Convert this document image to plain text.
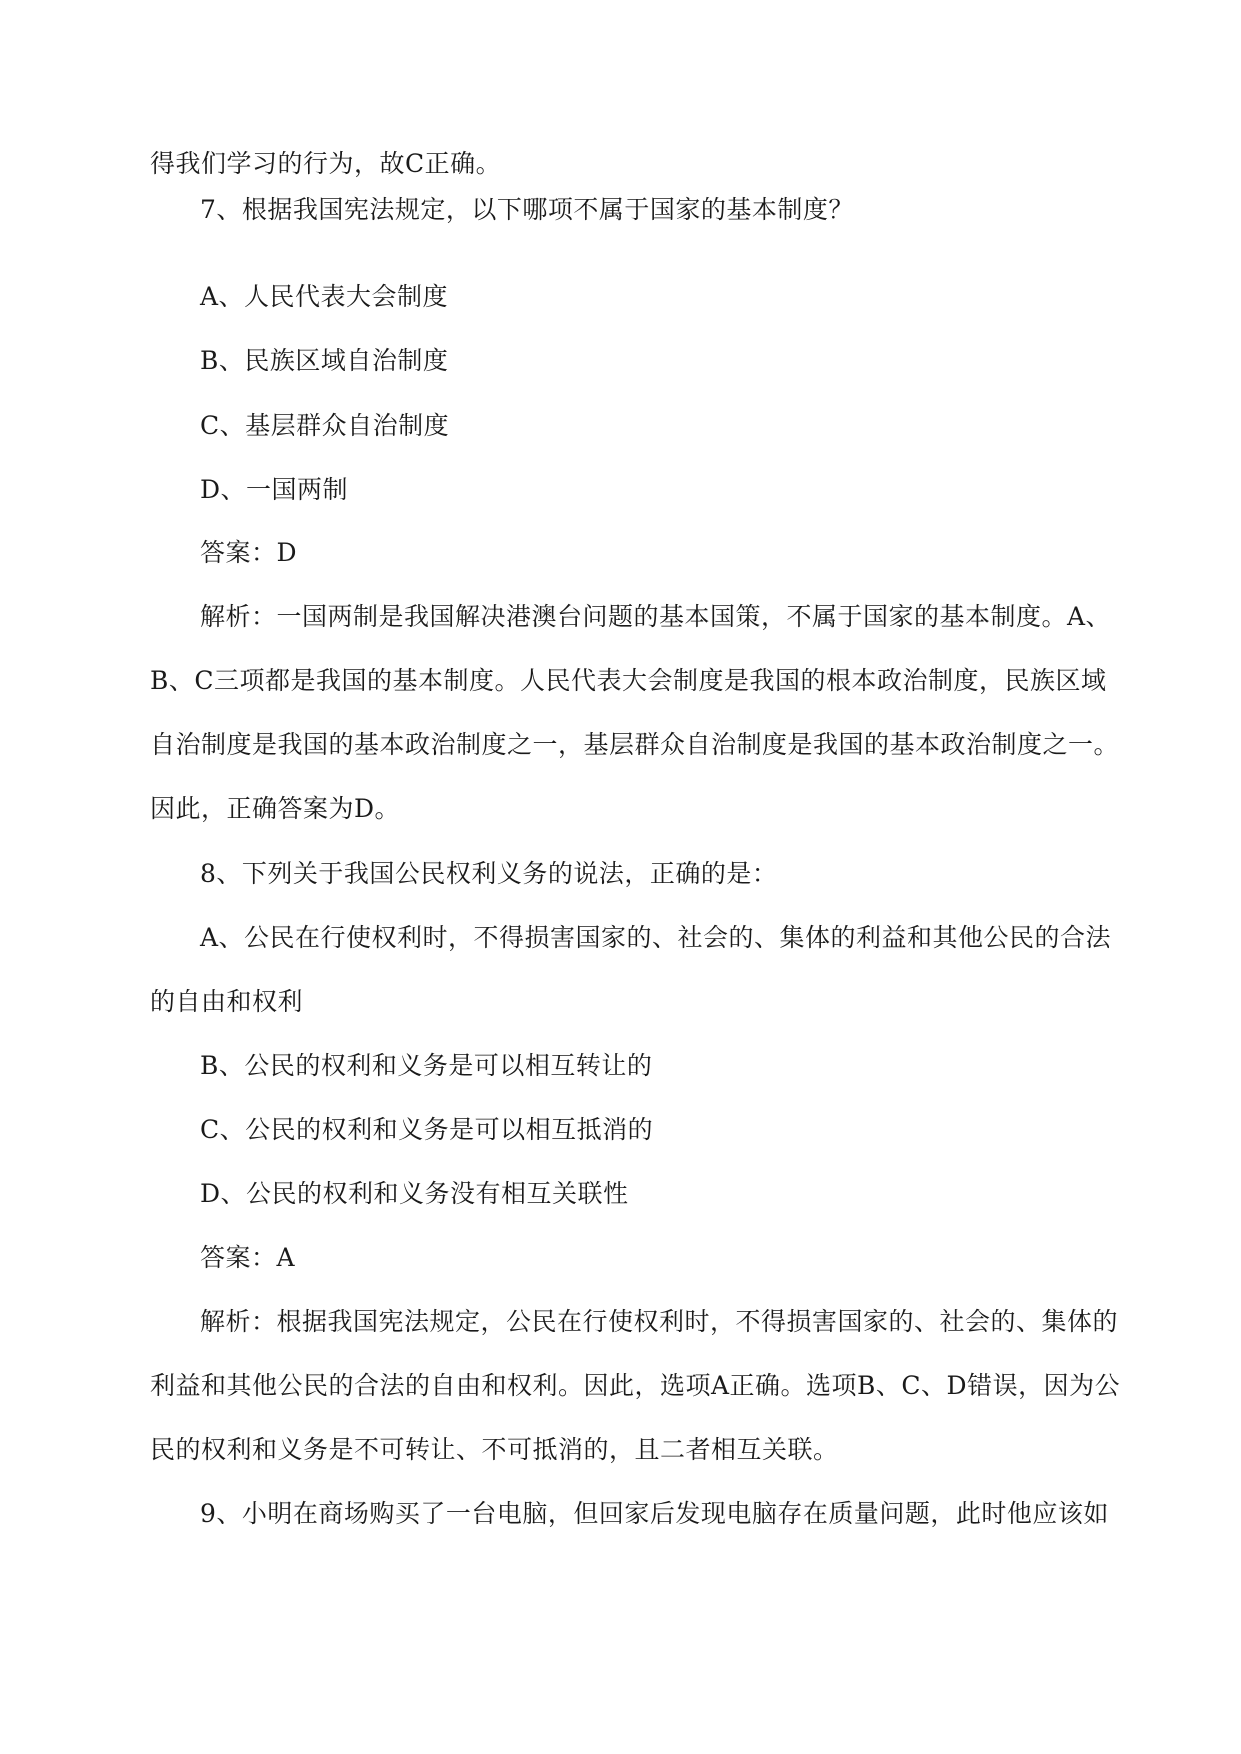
得我们学习的行为，故C正确。
7、根据我国宪法规定，以下哪项不属于国家的基本制度？
A、人民代表大会制度
B、民族区域自治制度
C、基层群众自治制度
D、一国两制
答案：D
解析：一国两制是我国解决港澳台问题的基本国策，不属于国家的基本制度。A、
B、C三项都是我国的基本制度。人民代表大会制度是我国的根本政治制度，民族区域
自治制度是我国的基本政治制度之一，基层群众自治制度是我国的基本政治制度之一。
因此，正确答案为D。
8、下列关于我国公民权利义务的说法，正确的是：
A、公民在行使权利时，不得损害国家的、社会的、集体的利益和其他公民的合法
的自由和权利
B、公民的权利和义务是可以相互转让的
C、公民的权利和义务是可以相互抵消的
D、公民的权利和义务没有相互关联性
答案：A
解析：根据我国宪法规定，公民在行使权利时，不得损害国家的、社会的、集体的
利益和其他公民的合法的自由和权利。因此，选项A正确。选项B、C、D错误，因为公
民的权利和义务是不可转让、不可抵消的，且二者相互关联。
9、小明在商场购买了一台电脑，但回家后发现电脑存在质量问题，此时他应该如
